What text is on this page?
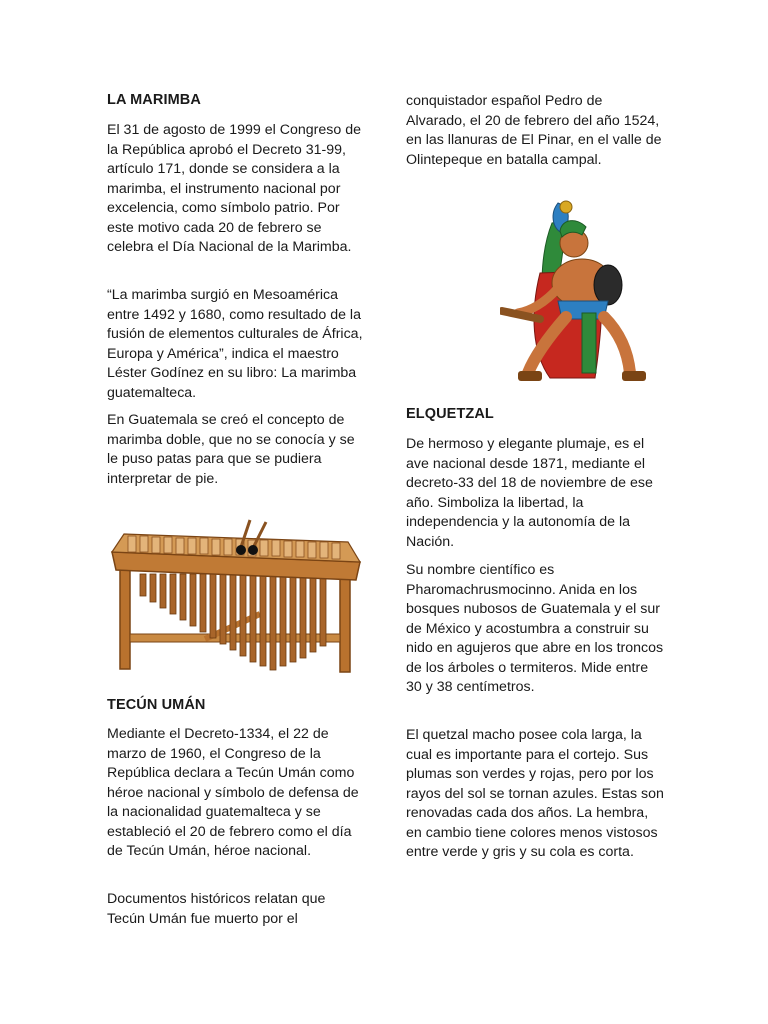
LA MARIMBA

El 31 de agosto de 1999 el Congreso de la República aprobó el Decreto 31-99, artículo 171, donde se considera a la marimba, el instrumento nacional por excelencia, como símbolo patrio. Por este motivo cada 20 de febrero se celebra el Día Nacional de la Marimba.

“La marimba surgió en Mesoamérica entre 1492 y 1680, como resultado de la fusión de elementos culturales de África, Europa y América”, indica el maestro Léster Godínez en su libro: La marimba guatemalteca.

En Guatemala se creó el concepto de marimba doble, que no se conocía y se le puso patas para que se pudiera interpretar de pie.

TECÚN UMÁN

Mediante el Decreto-1334, el 22 de marzo de 1960, el Congreso de la República declara a Tecún Umán como héroe nacional y símbolo de defensa de la nacionalidad guatemalteca y se estableció el 20 de febrero como el día de Tecún Umán, héroe nacional.

Documentos históricos relatan que Tecún Umán fue muerto por el

conquistador español Pedro de Alvarado, el 20 de febrero del año 1524, en las llanuras de El Pinar, en el valle de Olintepeque en batalla campal.

ELQUETZAL

De hermoso y elegante plumaje, es el ave nacional desde 1871, mediante el decreto-33 del 18 de noviembre de ese año. Simboliza la libertad, la independencia y la autonomía de la Nación.

Su nombre científico es Pharomachrusmocinno. Anida en los bosques nubosos de Guatemala y el sur de México y acostumbra a construir su nido en agujeros que abre en los troncos de los árboles o termiteros. Mide entre 30 y 38 centímetros.

El quetzal macho posee cola larga, la cual es importante para el cortejo. Sus plumas son verdes y rojas, pero por los rayos del sol se tornan azules. Estas son renovadas cada dos años. La hembra, en cambio tiene colores menos vistosos entre verde y gris y su cola es corta.
